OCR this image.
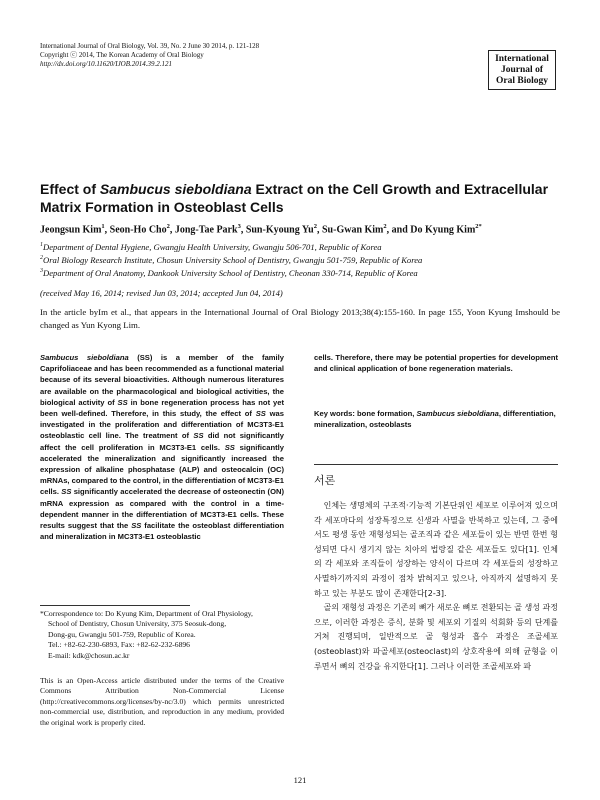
International Journal of Oral Biology, Vol. 39, No. 2 June 30 2014, p. 121-128
Copyright ⓒ 2014, The Korean Academy of Oral Biology
http://dx.doi.org/10.11620/IJOB.2014.39.2.121	International
Journal of
Oral Biology
Effect of Sambucus sieboldiana Extract on the Cell Growth and Extracellular Matrix Formation in Osteoblast Cells
Jeongsun Kim$^1$, Seon-Ho Cho$^2$, Jong-Tae Park$^3$, Sun-Kyoung Yu$^2$, Su-Gwan Kim$^2$, and Do Kyung Kim$^{2*}$
$^1$Department of Dental Hygiene, Gwangju Health University, Gwangju 506-701, Republic of Korea
$^2$Oral Biology Research Institute, Chosun University School of Dentistry, Gwangju 501-759, Republic of Korea
$^3$Department of Oral Anatomy, Dankook University School of Dentistry, Cheonan 330-714, Republic of Korea
(received May 16, 2014; revised Jun 03, 2014; accepted Jun 04, 2014)
In the article byIm et al., that appears in the International Journal of Oral Biology 2013;38(4):155-160. In page 155, Yoon Kyung Imshould be changed as Yun Kyong Lim.
Sambucus sieboldiana (SS) is a member of the family Caprifoliaceae and has been recommended as a functional material because of its several bioactivities. Although numerous literatures are available on the pharmacological and biological activities, the biological activity of SS in bone regeneration process has not yet been well-defined. Therefore, in this study, the effect of SS was investigated in the proliferation and differentiation of MC3T3-E1 osteoblastic cell line. The treatment of SS did not significantly affect the cell proliferation in MC3T3-E1 cells. SS significantly accelerated the mineralization and significantly increased the expression of alkaline phosphatase (ALP) and osteocalcin (OC) mRNAs, compared to the control, in the differentiation of MC3T3-E1 cells. SS significantly accelerated the decrease of osteonectin (ON) mRNA expression as compared with the control in a time-dependent manner in the differentiation of MC3T3-E1 cells. These results suggest that the SS facilitate the osteoblast differentiation and mineralization in MC3T3-E1 osteoblastic
cells. Therefore, there may be potential properties for development and clinical application of bone regeneration materials.
Key words: bone formation, Sambucus sieboldiana, differentiation, mineralization, osteoblasts
서론

인체는 생명체의 구조적·기능적 기본단위인 세포로 이루어져 있으며 각 세포마다의 성장특징으로 신생과 사멸을 반복하고 있는데, 그 중에서도 평생 동안 재형성되는 골조직과 같은 세포들이 있는 반면 한번 형성되면 다시 생기지 않는 치아의 법랑질 같은 세포들도 있다[1]. 인체의 각 세포와 조직들이 성장하는 양식이 다르며 각 세포들의 성장하고 사멸하기까지의 과정이 점차 밝혀지고 있으나, 아직까지 설명하지 못하고 있는 부분도 많이 존재한다[2-3].

골의 재형성 과정은 기존의 뼈가 새로운 뼈로 전환되는 골 생성 과정으로, 이러한 과정은 증식, 분화 및 세포외 기질의 석회화 등의 단계를 거쳐 진행되며, 일반적으로 골 형성과 흡수 과정은 조골세포(osteoblast)와 파골세포(osteoclast)의 상호작용에 의해 균형을 이루면서 뼈의 건강을 유지한다[1]. 그러나 이러한 조골세포와 파

*Correspondence to: Do Kyung Kim, Department of Oral Physiology,
School of Dentistry, Chosun University, 375 Seosuk-dong,
Dong-gu, Gwangju 501-759, Republic of Korea.
Tel.: +82-62-230-6893, Fax: +82-62-232-6896
E-mail: kdk@chosun.ac.kr
This is an Open-Access article distributed under the terms of the Creative Commons Attribution Non-Commercial License (http://creativecommons.org/licenses/by-nc/3.0) which permits unrestricted non-commercial use, distribution, and reproduction in any medium, provided the original work is properly cited.
121
